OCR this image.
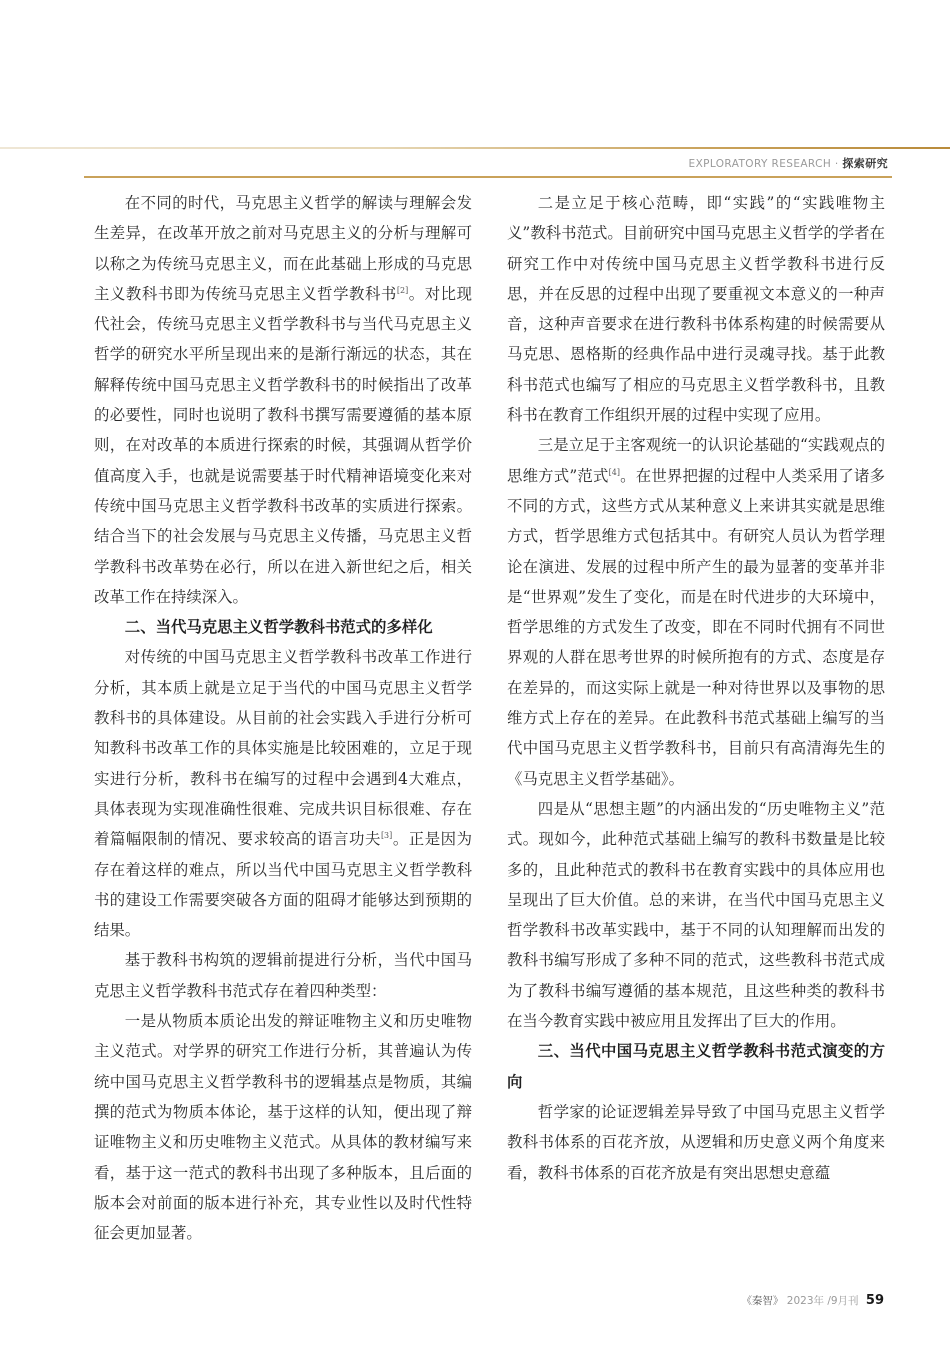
EXPLORATORY RESEARCH · 探索研究

在不同的时代，马克思主义哲学的解读与理解会发生差异，在改革开放之前对马克思主义的分析与理解可以称之为传统马克思主义，而在此基础上形成的马克思主义教科书即为传统马克思主义哲学教科书[2]。对比现代社会，传统马克思主义哲学教科书与当代马克思主义哲学的研究水平所呈现出来的是渐行渐远的状态，其在解释传统中国马克思主义哲学教科书的时候指出了改革的必要性，同时也说明了教科书撰写需要遵循的基本原则，在对改革的本质进行探索的时候，其强调从哲学价值高度入手，也就是说需要基于时代精神语境变化来对传统中国马克思主义哲学教科书改革的实质进行探索。结合当下的社会发展与马克思主义传播，马克思主义哲学教科书改革势在必行，所以在进入新世纪之后，相关改革工作在持续深入。

二、当代马克思主义哲学教科书范式的多样化

对传统的中国马克思主义哲学教科书改革工作进行分析，其本质上就是立足于当代的中国马克思主义哲学教科书的具体建设。从目前的社会实践入手进行分析可知教科书改革工作的具体实施是比较困难的，立足于现实进行分析，教科书在编写的过程中会遇到4大难点，具体表现为实现准确性很难、完成共识目标很难、存在着篇幅限制的情况、要求较高的语言功夫[3]。正是因为存在着这样的难点，所以当代中国马克思主义哲学教科书的建设工作需要突破各方面的阻碍才能够达到预期的结果。

基于教科书构筑的逻辑前提进行分析，当代中国马克思主义哲学教科书范式存在着四种类型：

一是从物质本质论出发的辩证唯物主义和历史唯物主义范式。对学界的研究工作进行分析，其普遍认为传统中国马克思主义哲学教科书的逻辑基点是物质，其编撰的范式为物质本体论，基于这样的认知，便出现了辩证唯物主义和历史唯物主义范式。从具体的教材编写来看，基于这一范式的教科书出现了多种版本，且后面的版本会对前面的版本进行补充，其专业性以及时代性特征会更加显著。

二是立足于核心范畴，即“实践”的“实践唯物主义”教科书范式。目前研究中国马克思主义哲学的学者在研究工作中对传统中国马克思主义哲学教科书进行反思，并在反思的过程中出现了要重视文本意义的一种声音，这种声音要求在进行教科书体系构建的时候需要从马克思、恩格斯的经典作品中进行灵魂寻找。基于此教科书范式也编写了相应的马克思主义哲学教科书，且教科书在教育工作组织开展的过程中实现了应用。

三是立足于主客观统一的认识论基础的“实践观点的思维方式”范式[4]。在世界把握的过程中人类采用了诸多不同的方式，这些方式从某种意义上来讲其实就是思维方式，哲学思维方式包括其中。有研究人员认为哲学理论在演进、发展的过程中所产生的最为显著的变革并非是“世界观”发生了变化，而是在时代进步的大环境中，哲学思维的方式发生了改变，即在不同时代拥有不同世界观的人群在思考世界的时候所抱有的方式、态度是存在差异的，而这实际上就是一种对待世界以及事物的思维方式上存在的差异。在此教科书范式基础上编写的当代中国马克思主义哲学教科书，目前只有高清海先生的《马克思主义哲学基础》。

四是从“思想主题”的内涵出发的“历史唯物主义”范式。现如今，此种范式基础上编写的教科书数量是比较多的，且此种范式的教科书在教育实践中的具体应用也呈现出了巨大价值。总的来讲，在当代中国马克思主义哲学教科书改革实践中，基于不同的认知理解而出发的教科书编写形成了多种不同的范式，这些教科书范式成为了教科书编写遵循的基本规范，且这些种类的教科书在当今教育实践中被应用且发挥出了巨大的作用。

三、当代中国马克思主义哲学教科书范式演变的方向

哲学家的论证逻辑差异导致了中国马克思主义哲学教科书体系的百花齐放，从逻辑和历史意义两个角度来看，教科书体系的百花齐放是有突出思想史意蕴

《秦智》 2023年 /9月刊 59
